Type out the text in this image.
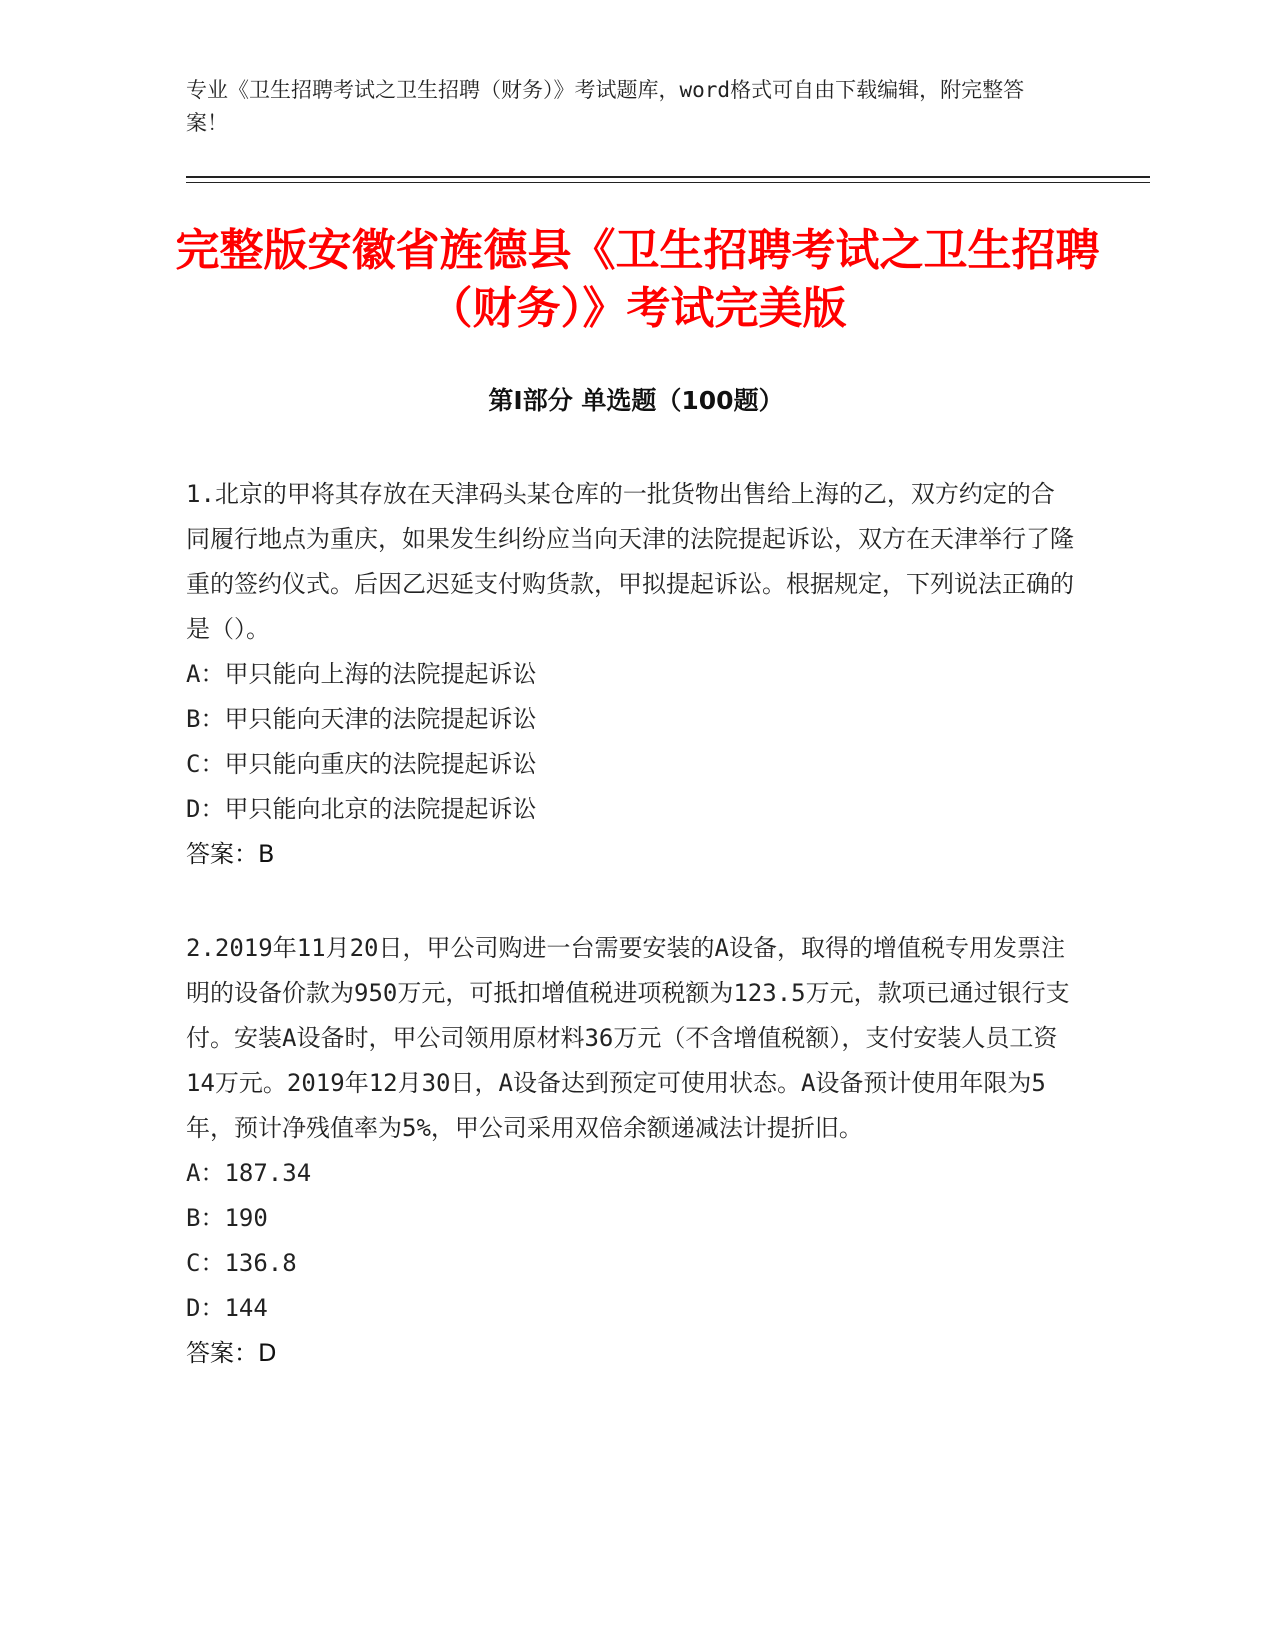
专业《卫生招聘考试之卫生招聘（财务）》考试题库，word格式可自由下载编辑，附完整答案！
完整版安徽省旌德县《卫生招聘考试之卫生招聘（财务）》考试完美版
第Ⅰ部分 单选题（100题）

1.北京的甲将其存放在天津码头某仓库的一批货物出售给上海的乙，双方约定的合同履行地点为重庆，如果发生纠纷应当向天津的法院提起诉讼，双方在天津举行了隆重的签约仪式。后因乙迟延支付购货款，甲拟提起诉讼。根据规定，下列说法正确的是（）。

A：甲只能向上海的法院提起诉讼

B：甲只能向天津的法院提起诉讼

C：甲只能向重庆的法院提起诉讼

D：甲只能向北京的法院提起诉讼

答案：B

2.2019年11月20日，甲公司购进一台需要安装的A设备，取得的增值税专用发票注明的设备价款为950万元，可抵扣增值税进项税额为123.5万元，款项已通过银行支付。安装A设备时，甲公司领用原材料36万元（不含增值税额），支付安装人员工资14万元。2019年12月30日，A设备达到预定可使用状态。A设备预计使用年限为5年，预计净残值率为5%，甲公司采用双倍余额递减法计提折旧。

A：187.34

B：190

C：136.8

D：144

答案：D
